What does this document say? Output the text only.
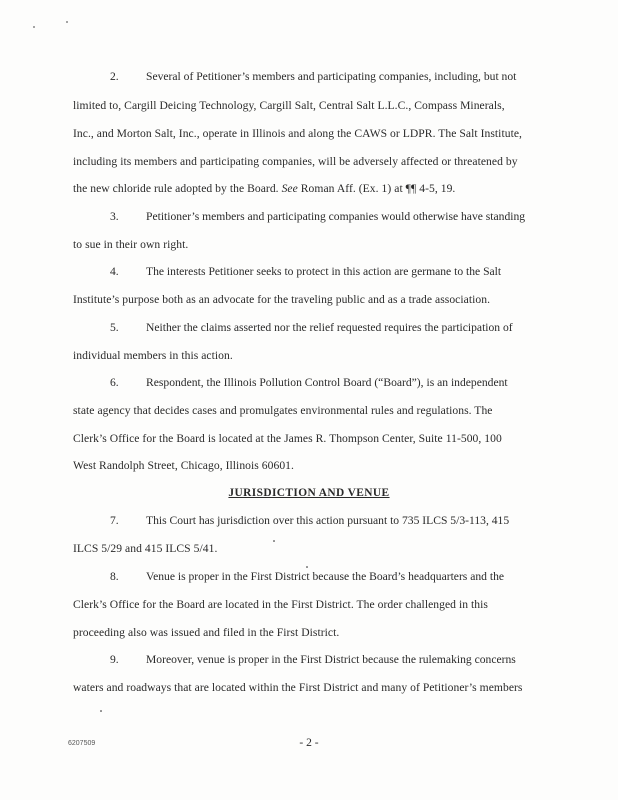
2. Several of Petitioner’s members and participating companies, including, but not
limited to, Cargill Deicing Technology, Cargill Salt, Central Salt L.L.C., Compass Minerals,
Inc., and Morton Salt, Inc., operate in Illinois and along the CAWS or LDPR. The Salt Institute,
including its members and participating companies, will be adversely affected or threatened by
the new chloride rule adopted by the Board. See Roman Aff. (Ex. 1) at ¶¶ 4-5, 19.
3. Petitioner’s members and participating companies would otherwise have standing
to sue in their own right.
4. The interests Petitioner seeks to protect in this action are germane to the Salt
Institute’s purpose both as an advocate for the traveling public and as a trade association.
5. Neither the claims asserted nor the relief requested requires the participation of
individual members in this action.
6. Respondent, the Illinois Pollution Control Board (“Board”), is an independent
state agency that decides cases and promulgates environmental rules and regulations. The
Clerk’s Office for the Board is located at the James R. Thompson Center, Suite 11-500, 100
West Randolph Street, Chicago, Illinois 60601.
JURISDICTION AND VENUE
7. This Court has jurisdiction over this action pursuant to 735 ILCS 5/3-113, 415
ILCS 5/29 and 415 ILCS 5/41.
8. Venue is proper in the First District because the Board’s headquarters and the
Clerk’s Office for the Board are located in the First District. The order challenged in this
proceeding also was issued and filed in the First District.
9. Moreover, venue is proper in the First District because the rulemaking concerns
waters and roadways that are located within the First District and many of Petitioner’s members
6207509	- 2 -
